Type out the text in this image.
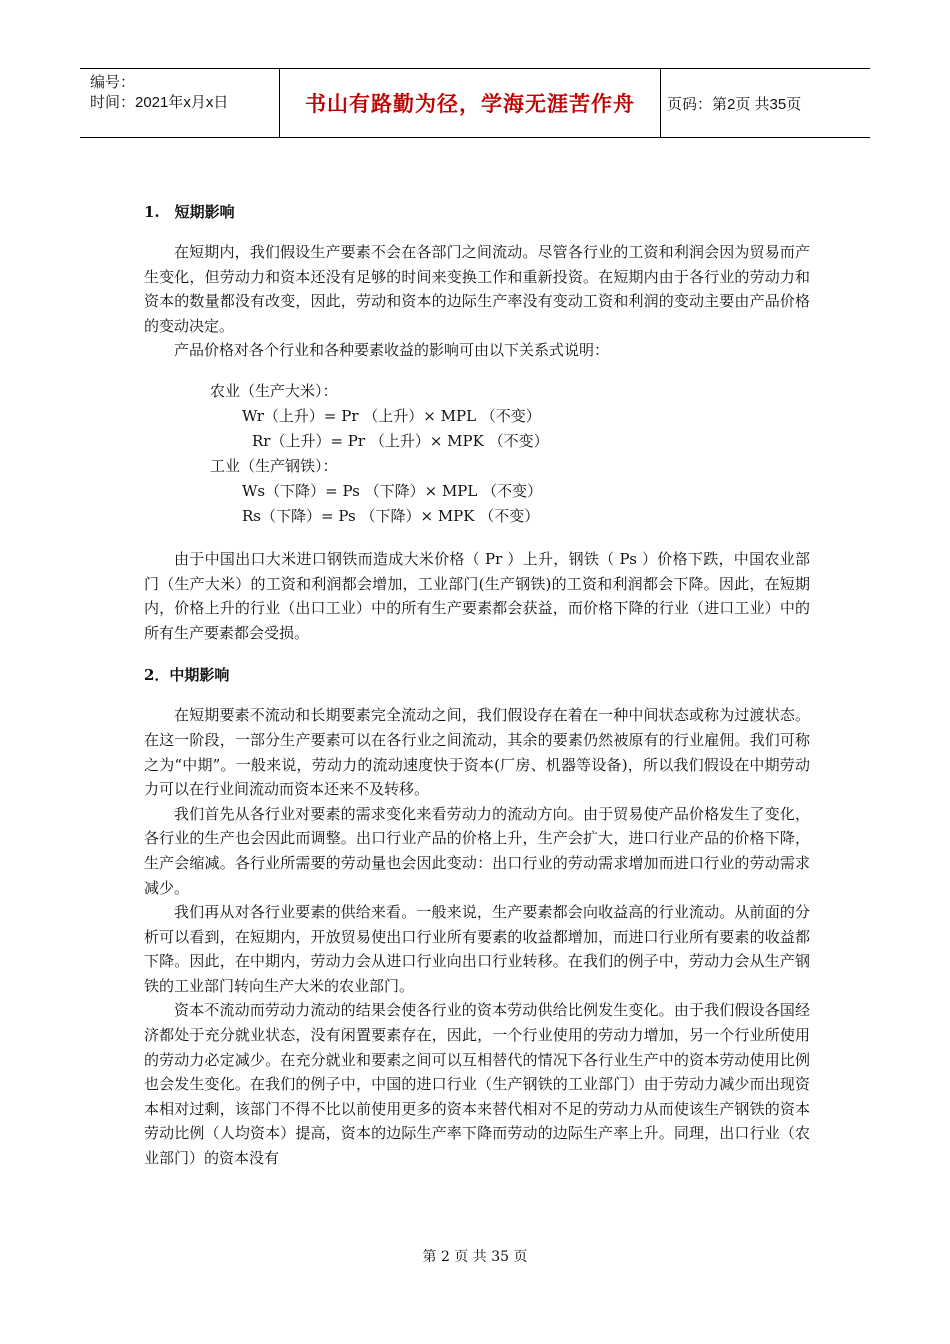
编号：
时间：2021年x月x日	书山有路勤为径，学海无涯苦作舟	页码：第2页 共35页

1.　短期影响

在短期内，我们假设生产要素不会在各部门之间流动。尽管各行业的工资和利润会因为贸易而产生变化，但劳动力和资本还没有足够的时间来变换工作和重新投资。在短期内由于各行业的劳动力和资本的数量都没有改变，因此，劳动和资本的边际生产率没有变动工资和利润的变动主要由产品价格的变动决定。

产品价格对各个行业和各种要素收益的影响可由以下关系式说明：

农业（生产大米）：
Wr（上升）= Pr （上升）× MPL （不变）
Rr（上升）= Pr （上升）× MPK （不变）
工业（生产钢铁）：
Ws（下降）= Ps （下降）× MPL （不变）
Rs（下降）= Ps （下降）× MPK （不变）

由于中国出口大米进口钢铁而造成大米价格（ Pr ）上升，钢铁（ Ps ）价格下跌，中国农业部门（生产大米）的工资和利润都会增加，工业部门(生产钢铁)的工资和利润都会下降。因此，在短期内，价格上升的行业（出口工业）中的所有生产要素都会获益，而价格下降的行业（进口工业）中的所有生产要素都会受损。

2．中期影响

在短期要素不流动和长期要素完全流动之间，我们假设存在着在一种中间状态或称为过渡状态。在这一阶段，一部分生产要素可以在各行业之间流动，其余的要素仍然被原有的行业雇佣。我们可称之为“中期”。一般来说，劳动力的流动速度快于资本(厂房、机器等设备)，所以我们假设在中期劳动力可以在行业间流动而资本还来不及转移。

我们首先从各行业对要素的需求变化来看劳动力的流动方向。由于贸易使产品价格发生了变化，各行业的生产也会因此而调整。出口行业产品的价格上升，生产会扩大，进口行业产品的价格下降，生产会缩减。各行业所需要的劳动量也会因此变动：出口行业的劳动需求增加而进口行业的劳动需求减少。

我们再从对各行业要素的供给来看。一般来说，生产要素都会向收益高的行业流动。从前面的分析可以看到，在短期内，开放贸易使出口行业所有要素的收益都增加，而进口行业所有要素的收益都下降。因此，在中期内，劳动力会从进口行业向出口行业转移。在我们的例子中，劳动力会从生产钢铁的工业部门转向生产大米的农业部门。

资本不流动而劳动力流动的结果会使各行业的资本劳动供给比例发生变化。由于我们假设各国经济都处于充分就业状态，没有闲置要素存在，因此，一个行业使用的劳动力增加，另一个行业所使用的劳动力必定减少。在充分就业和要素之间可以互相替代的情况下各行业生产中的资本劳动使用比例也会发生变化。在我们的例子中，中国的进口行业（生产钢铁的工业部门）由于劳动力减少而出现资本相对过剩，该部门不得不比以前使用更多的资本来替代相对不足的劳动力从而使该生产钢铁的资本劳动比例（人均资本）提高，资本的边际生产率下降而劳动的边际生产率上升。同理，出口行业（农业部门）的资本没有

第 2 页 共 35 页
